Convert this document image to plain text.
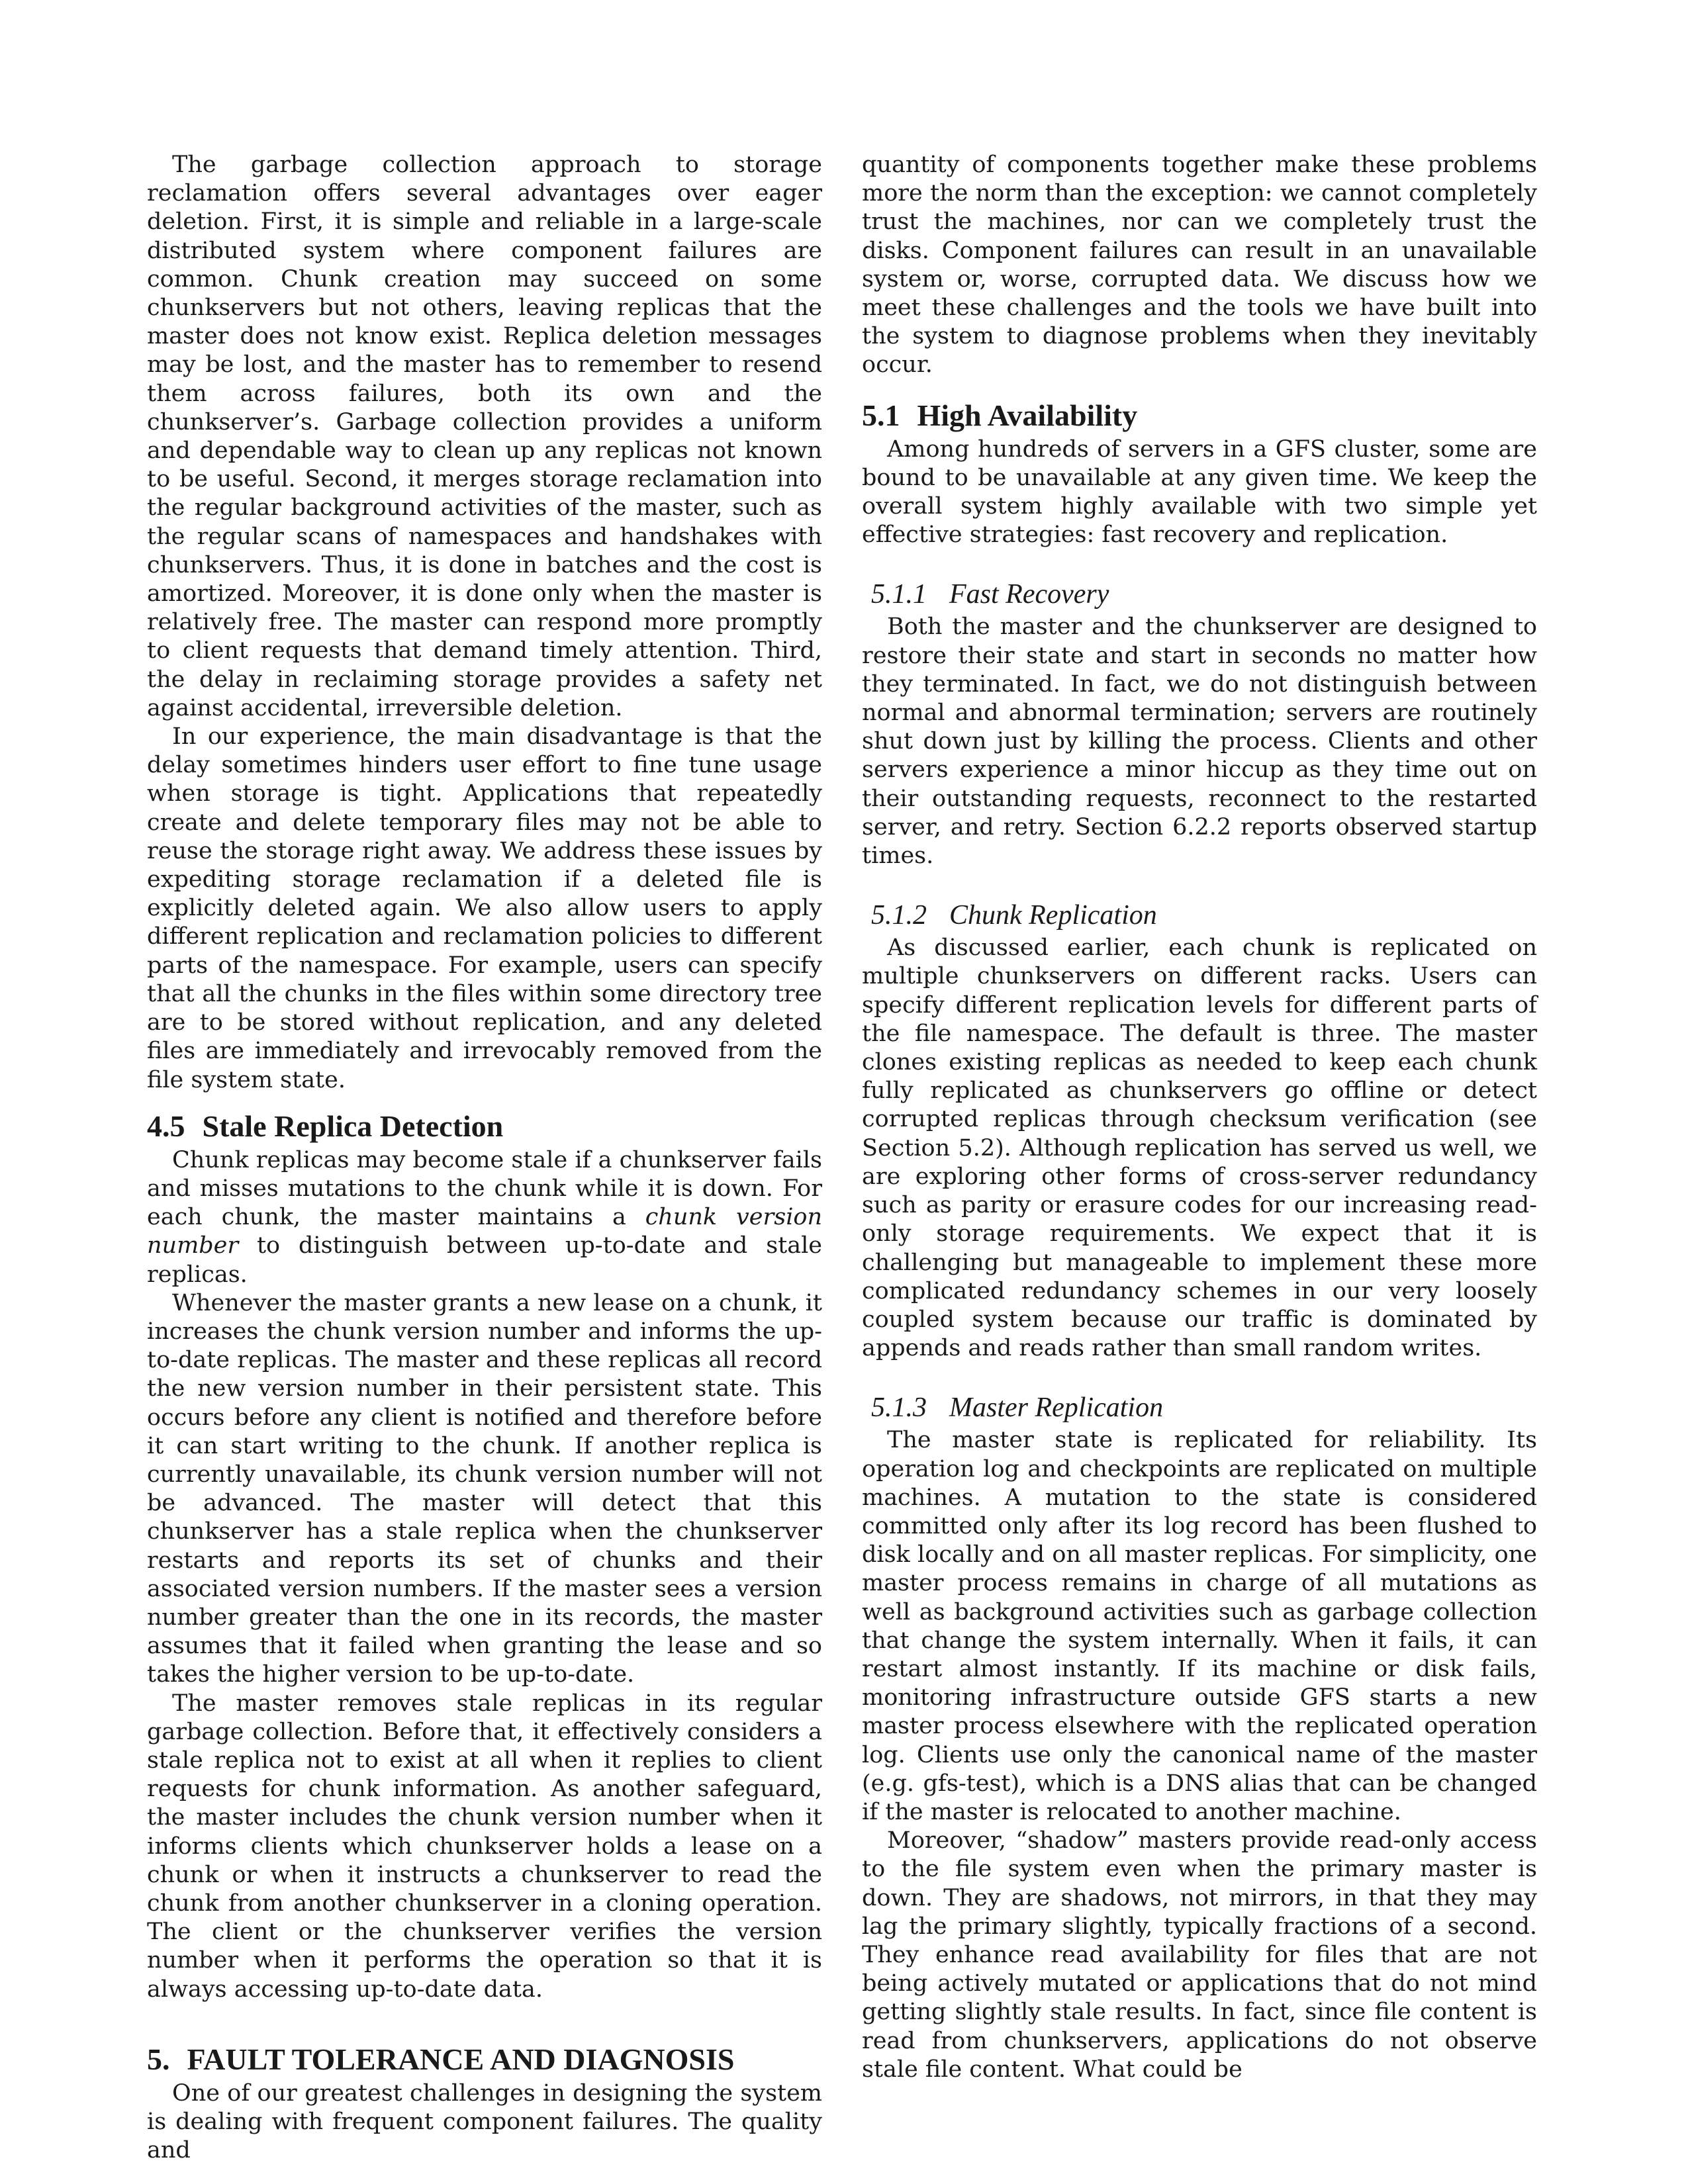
The garbage collection approach to storage reclamation offers several advantages over eager deletion. First, it is simple and reliable in a large-scale distributed system where component failures are common. Chunk creation may succeed on some chunkservers but not others, leaving replicas that the master does not know exist. Replica deletion messages may be lost, and the master has to remember to resend them across failures, both its own and the chunkserver’s. Garbage collection provides a uniform and dependable way to clean up any replicas not known to be useful. Second, it merges storage reclamation into the regular background activities of the master, such as the regular scans of namespaces and handshakes with chunkservers. Thus, it is done in batches and the cost is amortized. Moreover, it is done only when the master is relatively free. The master can respond more promptly to client requests that demand timely attention. Third, the delay in reclaiming storage provides a safety net against accidental, irreversible deletion.

In our experience, the main disadvantage is that the delay sometimes hinders user effort to fine tune usage when storage is tight. Applications that repeatedly create and delete temporary files may not be able to reuse the storage right away. We address these issues by expediting storage reclamation if a deleted file is explicitly deleted again. We also allow users to apply different replication and reclamation policies to different parts of the namespace. For example, users can specify that all the chunks in the files within some directory tree are to be stored without replication, and any deleted files are immediately and irrevocably removed from the file system state.

4.5 Stale Replica Detection

Chunk replicas may become stale if a chunkserver fails and misses mutations to the chunk while it is down. For each chunk, the master maintains a chunk version number to distinguish between up-to-date and stale replicas.

Whenever the master grants a new lease on a chunk, it increases the chunk version number and informs the up-to-date replicas. The master and these replicas all record the new version number in their persistent state. This occurs before any client is notified and therefore before it can start writing to the chunk. If another replica is currently unavailable, its chunk version number will not be advanced. The master will detect that this chunkserver has a stale replica when the chunkserver restarts and reports its set of chunks and their associated version numbers. If the master sees a version number greater than the one in its records, the master assumes that it failed when granting the lease and so takes the higher version to be up-to-date.

The master removes stale replicas in its regular garbage collection. Before that, it effectively considers a stale replica not to exist at all when it replies to client requests for chunk information. As another safeguard, the master includes the chunk version number when it informs clients which chunkserver holds a lease on a chunk or when it instructs a chunkserver to read the chunk from another chunkserver in a cloning operation. The client or the chunkserver verifies the version number when it performs the operation so that it is always accessing up-to-date data.

5. FAULT TOLERANCE AND DIAGNOSIS

One of our greatest challenges in designing the system is dealing with frequent component failures. The quality and

quantity of components together make these problems more the norm than the exception: we cannot completely trust the machines, nor can we completely trust the disks. Component failures can result in an unavailable system or, worse, corrupted data. We discuss how we meet these challenges and the tools we have built into the system to diagnose problems when they inevitably occur.

5.1 High Availability

Among hundreds of servers in a GFS cluster, some are bound to be unavailable at any given time. We keep the overall system highly available with two simple yet effective strategies: fast recovery and replication.

5.1.1 Fast Recovery

Both the master and the chunkserver are designed to restore their state and start in seconds no matter how they terminated. In fact, we do not distinguish between normal and abnormal termination; servers are routinely shut down just by killing the process. Clients and other servers experience a minor hiccup as they time out on their outstanding requests, reconnect to the restarted server, and retry. Section 6.2.2 reports observed startup times.

5.1.2 Chunk Replication

As discussed earlier, each chunk is replicated on multiple chunkservers on different racks. Users can specify different replication levels for different parts of the file namespace. The default is three. The master clones existing replicas as needed to keep each chunk fully replicated as chunkservers go offline or detect corrupted replicas through checksum verification (see Section 5.2). Although replication has served us well, we are exploring other forms of cross-server redundancy such as parity or erasure codes for our increasing read-only storage requirements. We expect that it is challenging but manageable to implement these more complicated redundancy schemes in our very loosely coupled system because our traffic is dominated by appends and reads rather than small random writes.

5.1.3 Master Replication

The master state is replicated for reliability. Its operation log and checkpoints are replicated on multiple machines. A mutation to the state is considered committed only after its log record has been flushed to disk locally and on all master replicas. For simplicity, one master process remains in charge of all mutations as well as background activities such as garbage collection that change the system internally. When it fails, it can restart almost instantly. If its machine or disk fails, monitoring infrastructure outside GFS starts a new master process elsewhere with the replicated operation log. Clients use only the canonical name of the master (e.g. gfs-test), which is a DNS alias that can be changed if the master is relocated to another machine.

Moreover, “shadow” masters provide read-only access to the file system even when the primary master is down. They are shadows, not mirrors, in that they may lag the primary slightly, typically fractions of a second. They enhance read availability for files that are not being actively mutated or applications that do not mind getting slightly stale results. In fact, since file content is read from chunkservers, applications do not observe stale file content. What could be
